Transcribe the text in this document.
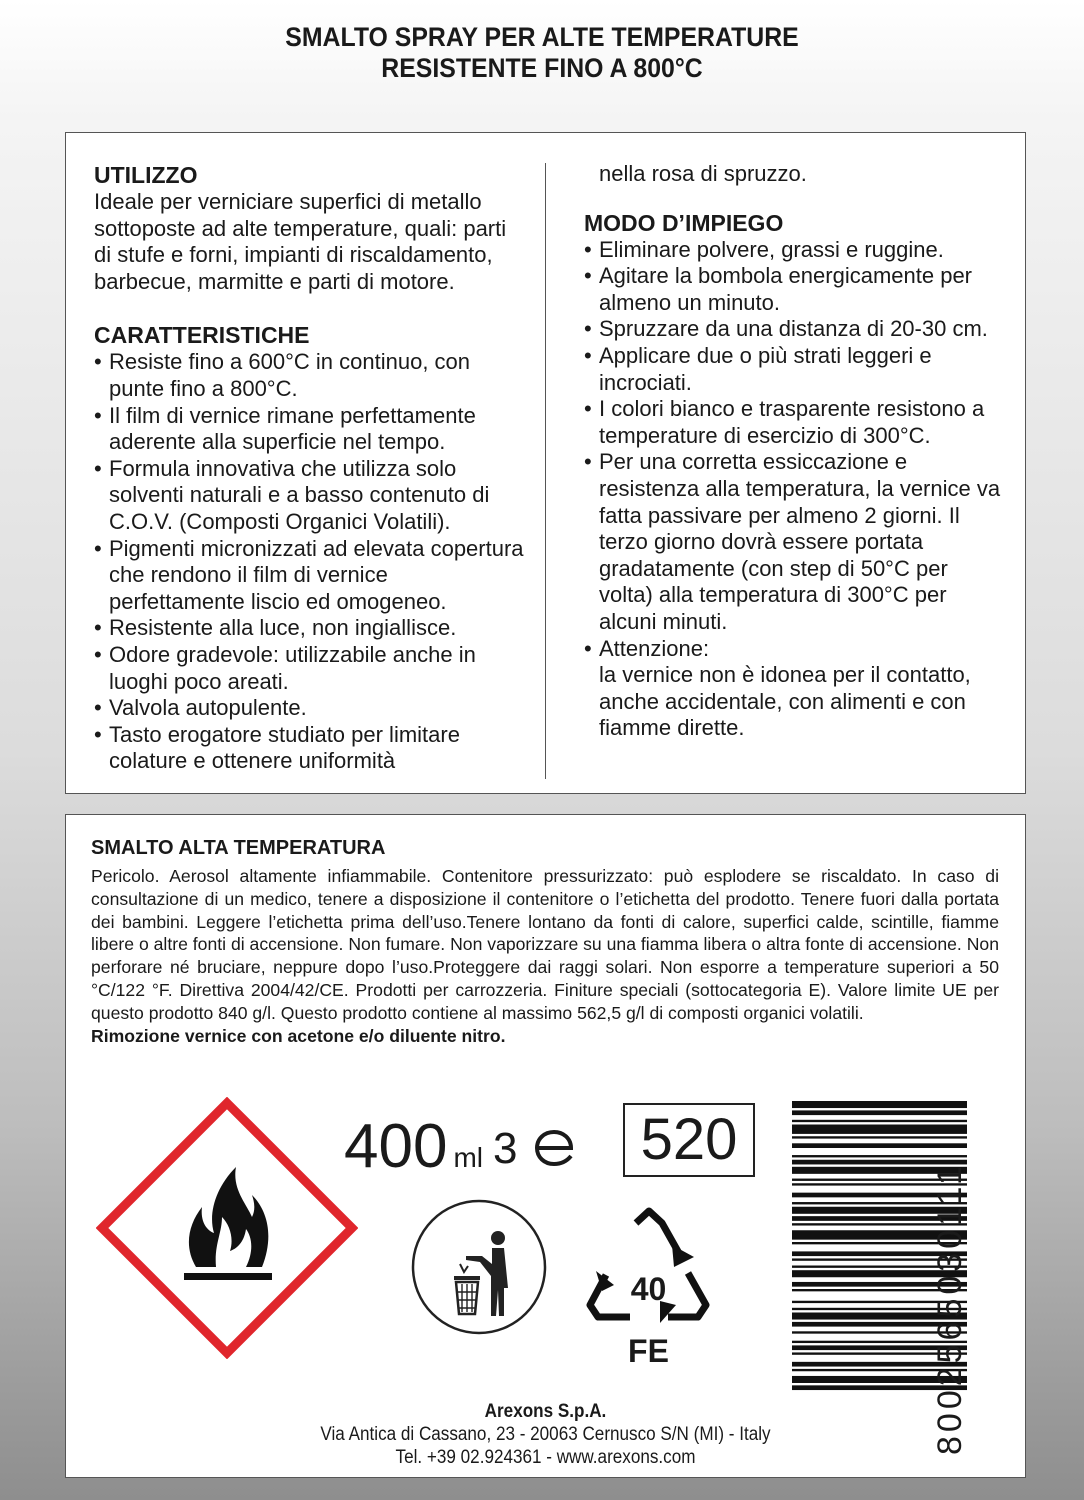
SMALTO SPRAY PER ALTE TEMPERATURE
RESISTENTE FINO A 800°C
UTILIZZO

Ideale per verniciare superfici di metallo sottoposte ad alte temperature, quali: parti di stufe e forni, impianti di riscaldamento, barbecue, marmitte e parti di motore.

CARATTERISTICHE
• Resiste fino a 600°C in continuo, con punte fino a 800°C.
• Il film di vernice rimane perfettamente aderente alla superficie nel tempo.
• Formula innovativa che utilizza solo solventi naturali e a basso contenuto di C.O.V. (Composti Organici Volatili).
• Pigmenti micronizzati ad elevata copertura che rendono il film di vernice perfettamente liscio ed omogeneo.
• Resistente alla luce, non ingiallisce.
• Odore gradevole: utilizzabile anche in luoghi poco areati.
• Valvola autopulente.
• Tasto erogatore studiato per limitare colature e ottenere uniformità

nella rosa di spruzzo.

MODO D’IMPIEGO
• Eliminare polvere, grassi e ruggine.
• Agitare la bombola energicamente per almeno un minuto.
• Spruzzare da una distanza di 20-30 cm.
• Applicare due o più strati leggeri e incrociati.
• I colori bianco e trasparente resistono a temperature di esercizio di 300°C.
• Per una corretta essiccazione e resistenza alla temperatura, la vernice va fatta passivare per almeno 2 giorni. Il terzo giorno dovrà essere portata gradatamente (con step di 50°C per volta) alla temperatura di 300°C per alcuni minuti.
• Attenzione:
la vernice non è idonea per il contatto, anche accidentale, con alimenti e con fiamme dirette.
SMALTO ALTA TEMPERATURA
Pericolo. Aerosol altamente infiammabile. Contenitore pressurizzato: può esplodere se riscaldato. In caso di consultazione di un medico, tenere a disposizione il contenitore o l’etichetta del prodotto. Tenere fuori dalla portata dei bambini. Leggere l’etichetta prima dell’uso.Tenere lontano da fonti di calore, superfici calde, scintille, fiamme libere o altre fonti di accensione. Non fumare. Non vaporizzare su una fiamma libera o altra fonte di accensione. Non perforare né bruciare, neppure dopo l’uso.Proteggere dai raggi solari. Non esporre a temperature superiori a 50 °C/122 °F. Direttiva 2004/42/CE. Prodotti per carrozzeria. Finiture speciali (sottocategoria E). Valore limite UE per questo prodotto 840 g/l. Questo prodotto contiene al massimo 562,5 g/l di composti organici volatili.
Rimozione vernice con acetone e/o diluente nitro.
400 ml 3	520
40
FE	8002565030111
Arexons S.p.A.
Via Antica di Cassano, 23 - 20063 Cernusco S/N (MI) - Italy
Tel. +39 02.924361 - www.arexons.com
